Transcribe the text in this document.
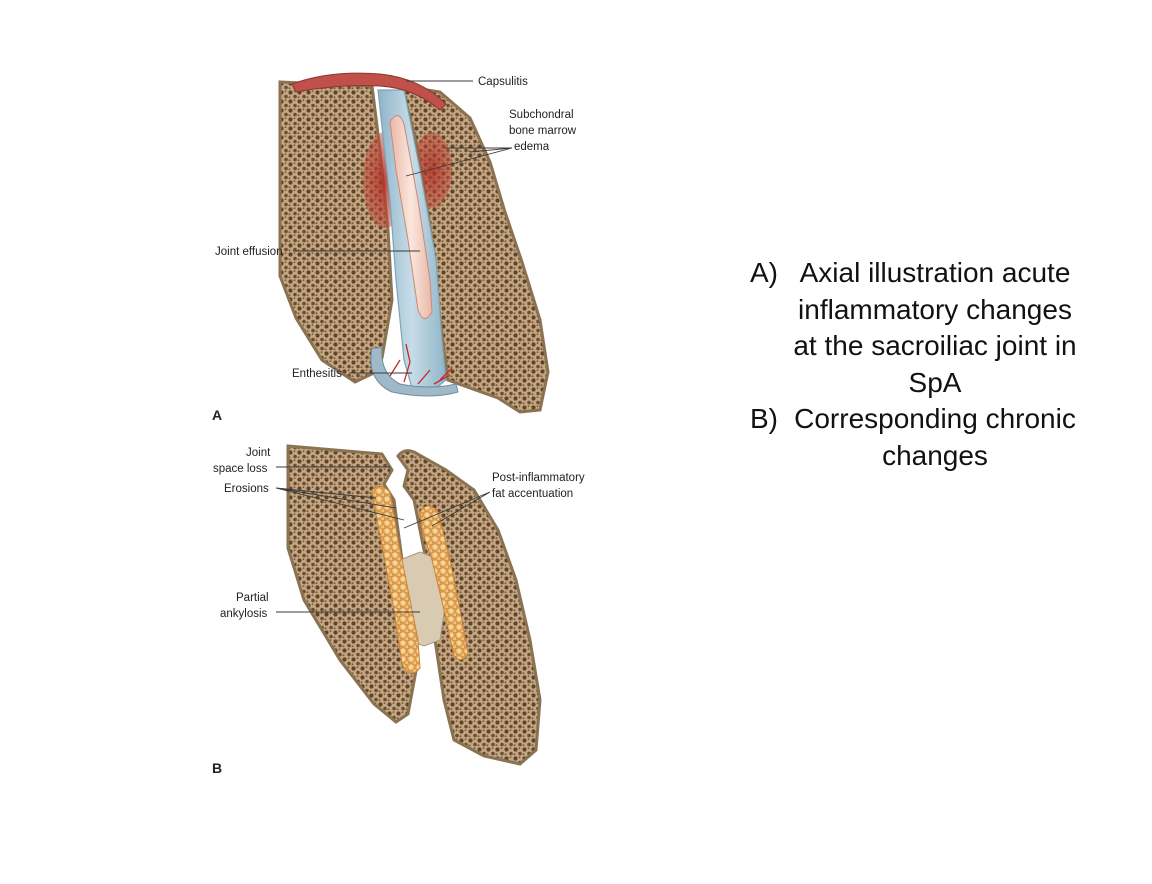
Capsulitis
Subchondral
bone marrow
edema
Joint effusion
Enthesitis
A
Joint
space loss
Erosions
Post-inflammatory
fat accentuation
Partial
ankylosis
B
A) Axial illustration acute inflammatory changes at the sacroiliac joint in SpA
B) Corresponding chronic changes
